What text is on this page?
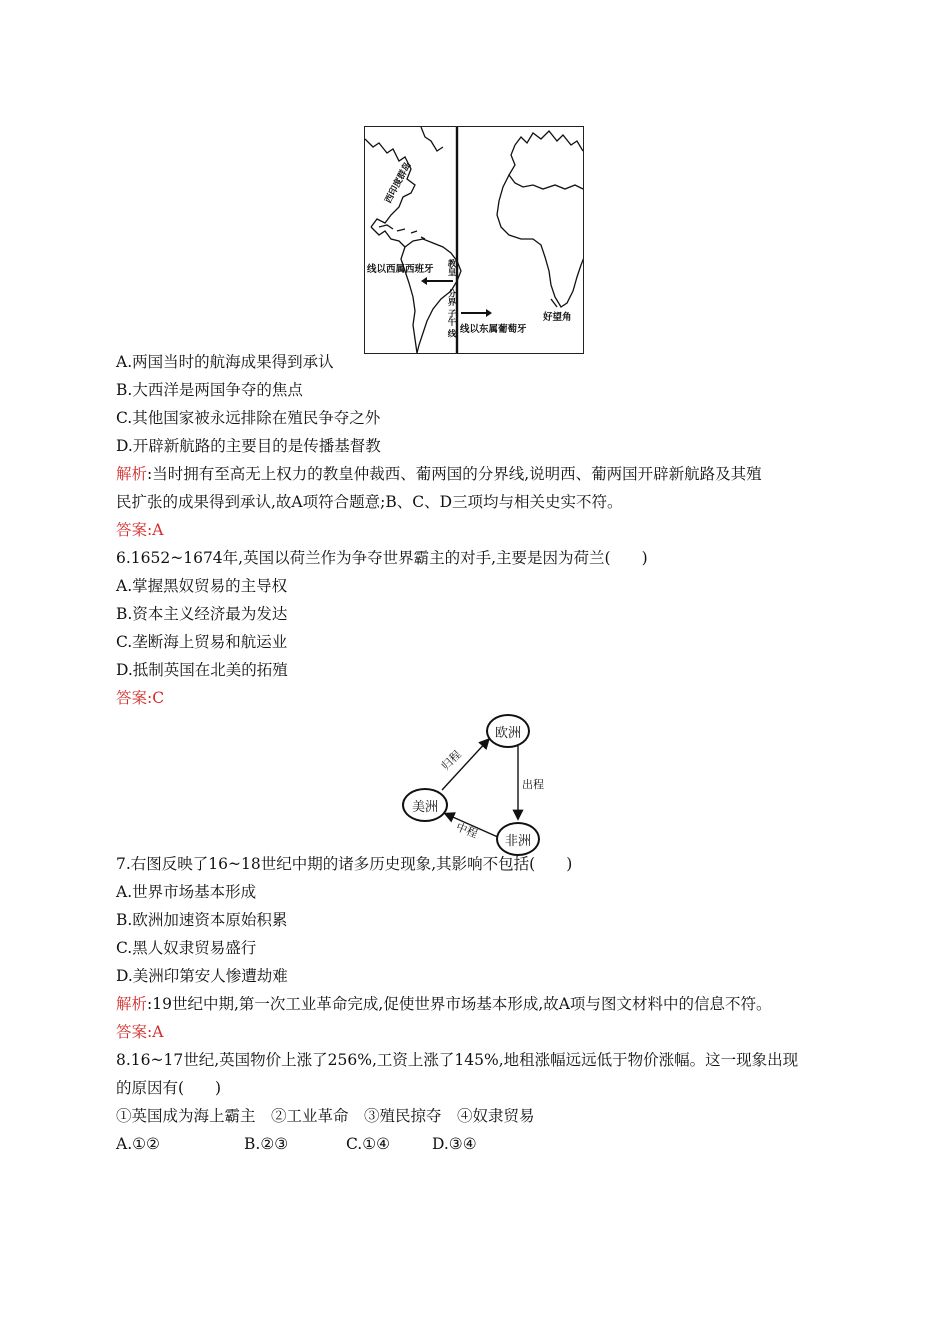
西印度群岛
线以西属西班牙 教皇
分界
子午
线 线以东属葡萄牙
好望角
A.两国当时的航海成果得到承认
B.大西洋是两国争夺的焦点
C.其他国家被永远排除在殖民争夺之外
D.开辟新航路的主要目的是传播基督教
解析:当时拥有至高无上权力的教皇仲裁西、葡两国的分界线,说明西、葡两国开辟新航路及其殖
民扩张的成果得到承认,故A项符合题意;B、C、D三项均与相关史实不符。
答案:A
6.1652~1674年,英国以荷兰作为争夺世界霸主的对手,主要是因为荷兰(　　)
A.掌握黑奴贸易的主导权
B.资本主义经济最为发达
C.垄断海上贸易和航运业
D.抵制英国在北美的拓殖
答案:C
欧洲
美洲
非洲
归程
出程
中程
7.右图反映了16~18世纪中期的诸多历史现象,其影响不包括(　　)
A.世界市场基本形成
B.欧洲加速资本原始积累
C.黑人奴隶贸易盛行
D.美洲印第安人惨遭劫难
解析:19世纪中期,第一次工业革命完成,促使世界市场基本形成,故A项与图文材料中的信息不符。
答案:A
8.16~17世纪,英国物价上涨了256%,工资上涨了145%,地租涨幅远远低于物价涨幅。这一现象出现
的原因有(　　)
①英国成为海上霸主　②工业革命　③殖民掠夺　④奴隶贸易
A.①②	B.②③	C.①④	D.③④
